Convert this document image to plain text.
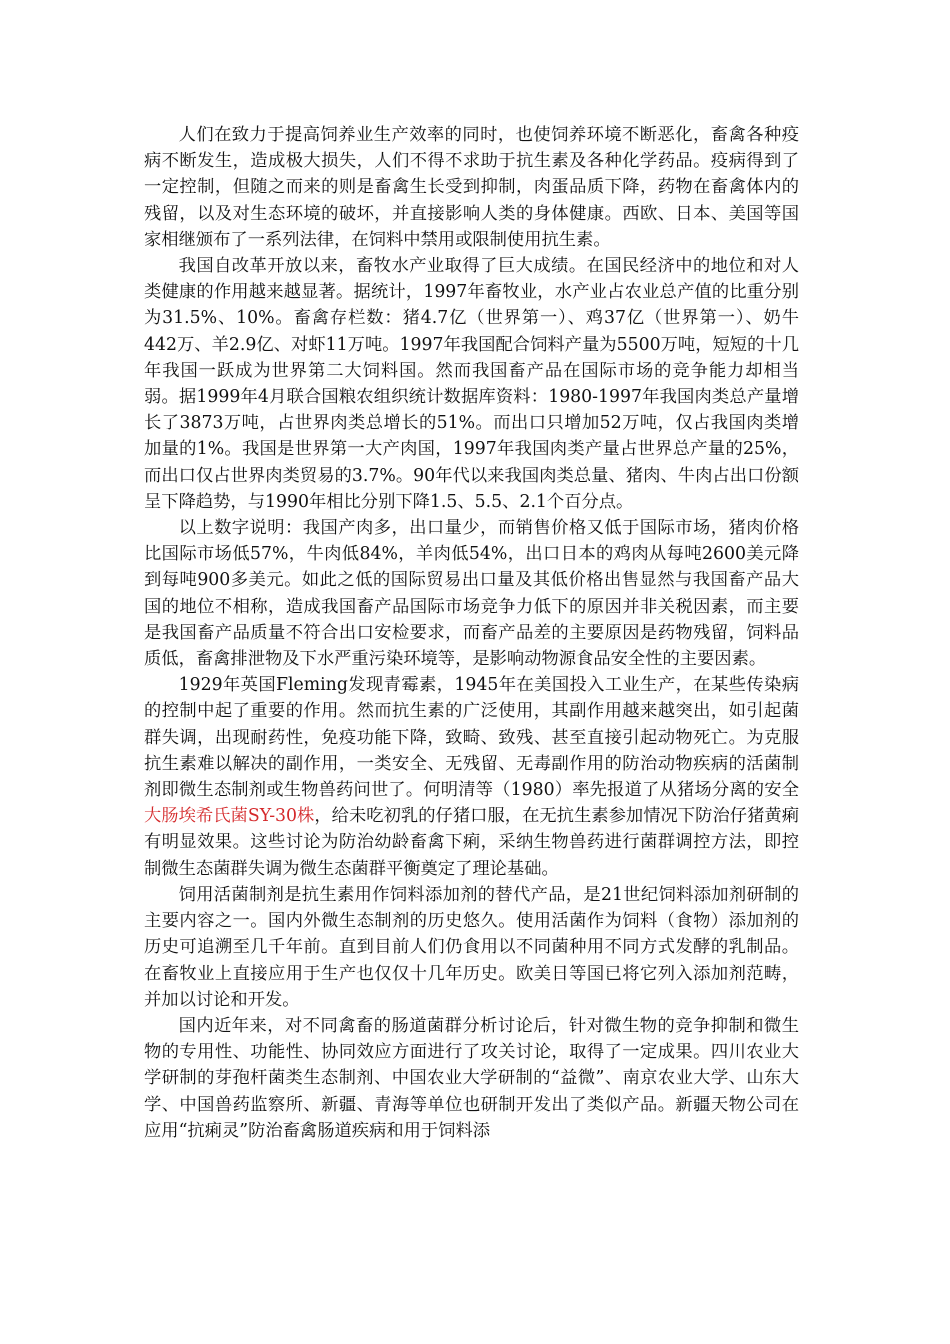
人们在致力于提高饲养业生产效率的同时，也使饲养环境不断恶化，畜禽各种疫病不断发生，造成极大损失，人们不得不求助于抗生素及各种化学药品。疫病得到了一定控制，但随之而来的则是畜禽生长受到抑制，肉蛋品质下降，药物在畜禽体内的残留，以及对生态环境的破坏，并直接影响人类的身体健康。西欧、日本、美国等国家相继颁布了一系列法律，在饲料中禁用或限制使用抗生素。

我国自改革开放以来，畜牧水产业取得了巨大成绩。在国民经济中的地位和对人类健康的作用越来越显著。据统计，1997年畜牧业，水产业占农业总产值的比重分别为31.5%、10%。畜禽存栏数：猪4.7亿（世界第一）、鸡37亿（世界第一）、奶牛442万、羊2.9亿、对虾11万吨。1997年我国配合饲料产量为5500万吨，短短的十几年我国一跃成为世界第二大饲料国。然而我国畜产品在国际市场的竞争能力却相当弱。据1999年4月联合国粮农组织统计数据库资料：1980-1997年我国肉类总产量增长了3873万吨，占世界肉类总增长的51%。而出口只增加52万吨，仅占我国肉类增加量的1%。我国是世界第一大产肉国，1997年我国肉类产量占世界总产量的25%，而出口仅占世界肉类贸易的3.7%。90年代以来我国肉类总量、猪肉、牛肉占出口份额呈下降趋势，与1990年相比分别下降1.5、5.5、2.1个百分点。

以上数字说明：我国产肉多，出口量少，而销售价格又低于国际市场，猪肉价格比国际市场低57%，牛肉低84%，羊肉低54%，出口日本的鸡肉从每吨2600美元降到每吨900多美元。如此之低的国际贸易出口量及其低价格出售显然与我国畜产品大国的地位不相称，造成我国畜产品国际市场竞争力低下的原因并非关税因素，而主要是我国畜产品质量不符合出口安检要求，而畜产品差的主要原因是药物残留，饲料品质低，畜禽排泄物及下水严重污染环境等，是影响动物源食品安全性的主要因素。

1929年英国Fleming发现青霉素，1945年在美国投入工业生产，在某些传染病的控制中起了重要的作用。然而抗生素的广泛使用，其副作用越来越突出，如引起菌群失调，出现耐药性，免疫功能下降，致畸、致残、甚至直接引起动物死亡。为克服抗生素难以解决的副作用，一类安全、无残留、无毒副作用的防治动物疾病的活菌制剂即微生态制剂或生物兽药问世了。何明清等（1980）率先报道了从猪场分离的安全大肠埃希氏菌SY-30株，给未吃初乳的仔猪口服，在无抗生素参加情况下防治仔猪黄痢有明显效果。这些讨论为防治幼龄畜禽下痢，采纳生物兽药进行菌群调控方法，即控制微生态菌群失调为微生态菌群平衡奠定了理论基础。

饲用活菌制剂是抗生素用作饲料添加剂的替代产品，是21世纪饲料添加剂研制的主要内容之一。国内外微生态制剂的历史悠久。使用活菌作为饲料（食物）添加剂的历史可追溯至几千年前。直到目前人们仍食用以不同菌种用不同方式发酵的乳制品。在畜牧业上直接应用于生产也仅仅十几年历史。欧美日等国已将它列入添加剂范畴，并加以讨论和开发。

国内近年来，对不同禽畜的肠道菌群分析讨论后，针对微生物的竞争抑制和微生物的专用性、功能性、协同效应方面进行了攻关讨论，取得了一定成果。四川农业大学研制的芽孢杆菌类生态制剂、中国农业大学研制的“益微”、南京农业大学、山东大学、中国兽药监察所、新疆、青海等单位也研制开发出了类似产品。新疆天物公司在应用“抗痢灵”防治畜禽肠道疾病和用于饲料添
